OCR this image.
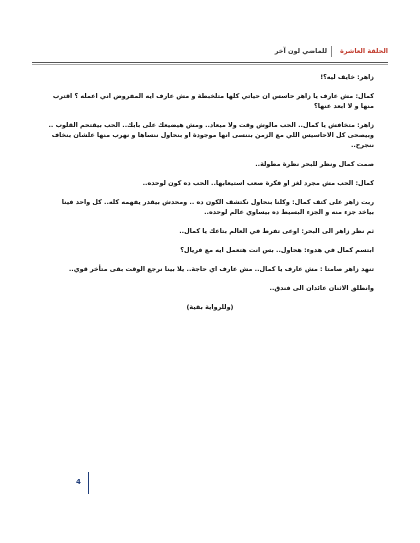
الحلقة العاشرة
للماضي لون آخر

زاهر: خايف ليه؟!

كمال: مش عارف يا زاهر حاسس ان حياتي كلها متلخبطة و مش عارف ايه المفروض اني اعمله ؟ اقترب منها و لا ابعد عنها؟

زاهر: متخافش يا كمال.. الحب مالوش وقت ولا ميعاد.. ومش هيضيعك على بابك.. الحب بيقتحم القلوب .. وبيصحى كل الاحاسيس اللي مع الزمن بننسى انها موجودة او بنحاول ننساها و نهرب منها علشان بنخاف ننجرح..

صمت كمال ونظر للبحر نظرة مطولة..

كمال: الحب مش مجرد لغز او فكرة صعب استيعابها.. الحب ده كون لوحده..

ربت زاهر على كتف كمال: وكلنا بنحاول نكتشف الكون ده .. ومحدش بيقدر يفهمه كله.. كل واحد فينا بياخد جزء منه و الجزء البسيط ده بيساوي عالم لوحده..

ثم نظر زاهر الى البحر: اوعى تفرط في العالم بتاعك يا كمال..

ابتسم كمال في هدوء: هحاول.. بس انت هتعمل ايه مع فريال؟

تنهد زاهر صامتا : مش عارف يا كمال.. مش عارف اي حاجة.. يلا بينا نرجع الوقت بقى متأخر قوي..

وانطلق الاثنان عائدان الى فندق..

(وللرواية بقية)

4
